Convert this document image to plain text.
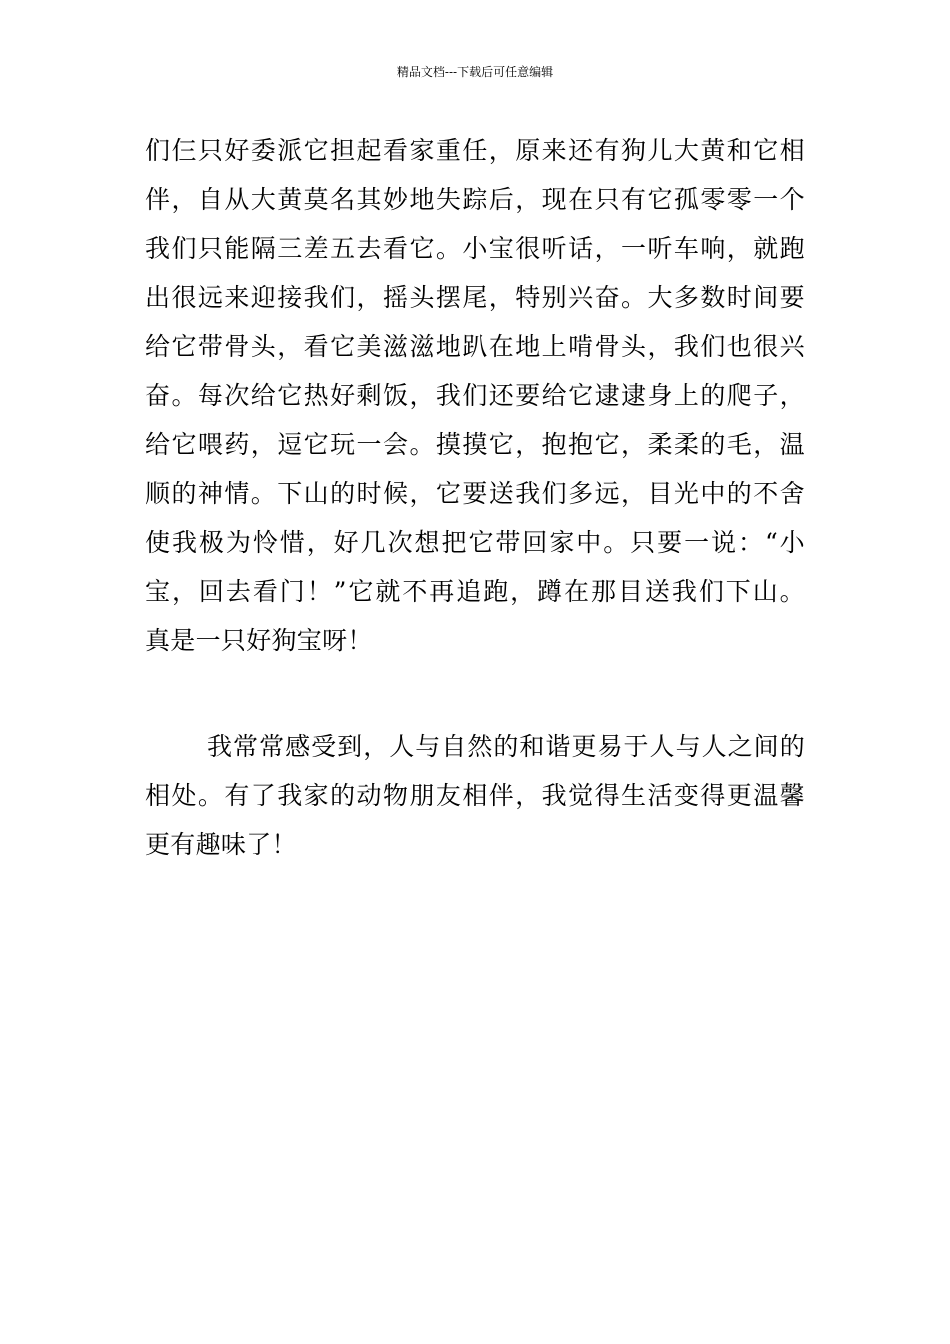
精品文档---下载后可任意编辑
们仨只好委派它担起看家重任，原来还有狗儿大黄和它相
伴，自从大黄莫名其妙地失踪后，现在只有它孤零零一个
我们只能隔三差五去看它。小宝很听话，一听车响，就跑
出很远来迎接我们，摇头摆尾，特别兴奋。大多数时间要
给它带骨头，看它美滋滋地趴在地上啃骨头，我们也很兴
奋。每次给它热好剩饭，我们还要给它逮逮身上的爬子，
给它喂药，逗它玩一会。摸摸它，抱抱它，柔柔的毛，温
顺的神情。下山的时候，它要送我们多远，目光中的不舍
使我极为怜惜，好几次想把它带回家中。只要一说：“小
宝，回去看门！”它就不再追跑，蹲在那目送我们下山。
真是一只好狗宝呀！
我常常感受到，人与自然的和谐更易于人与人之间的
相处。有了我家的动物朋友相伴，我觉得生活变得更温馨
更有趣味了！
